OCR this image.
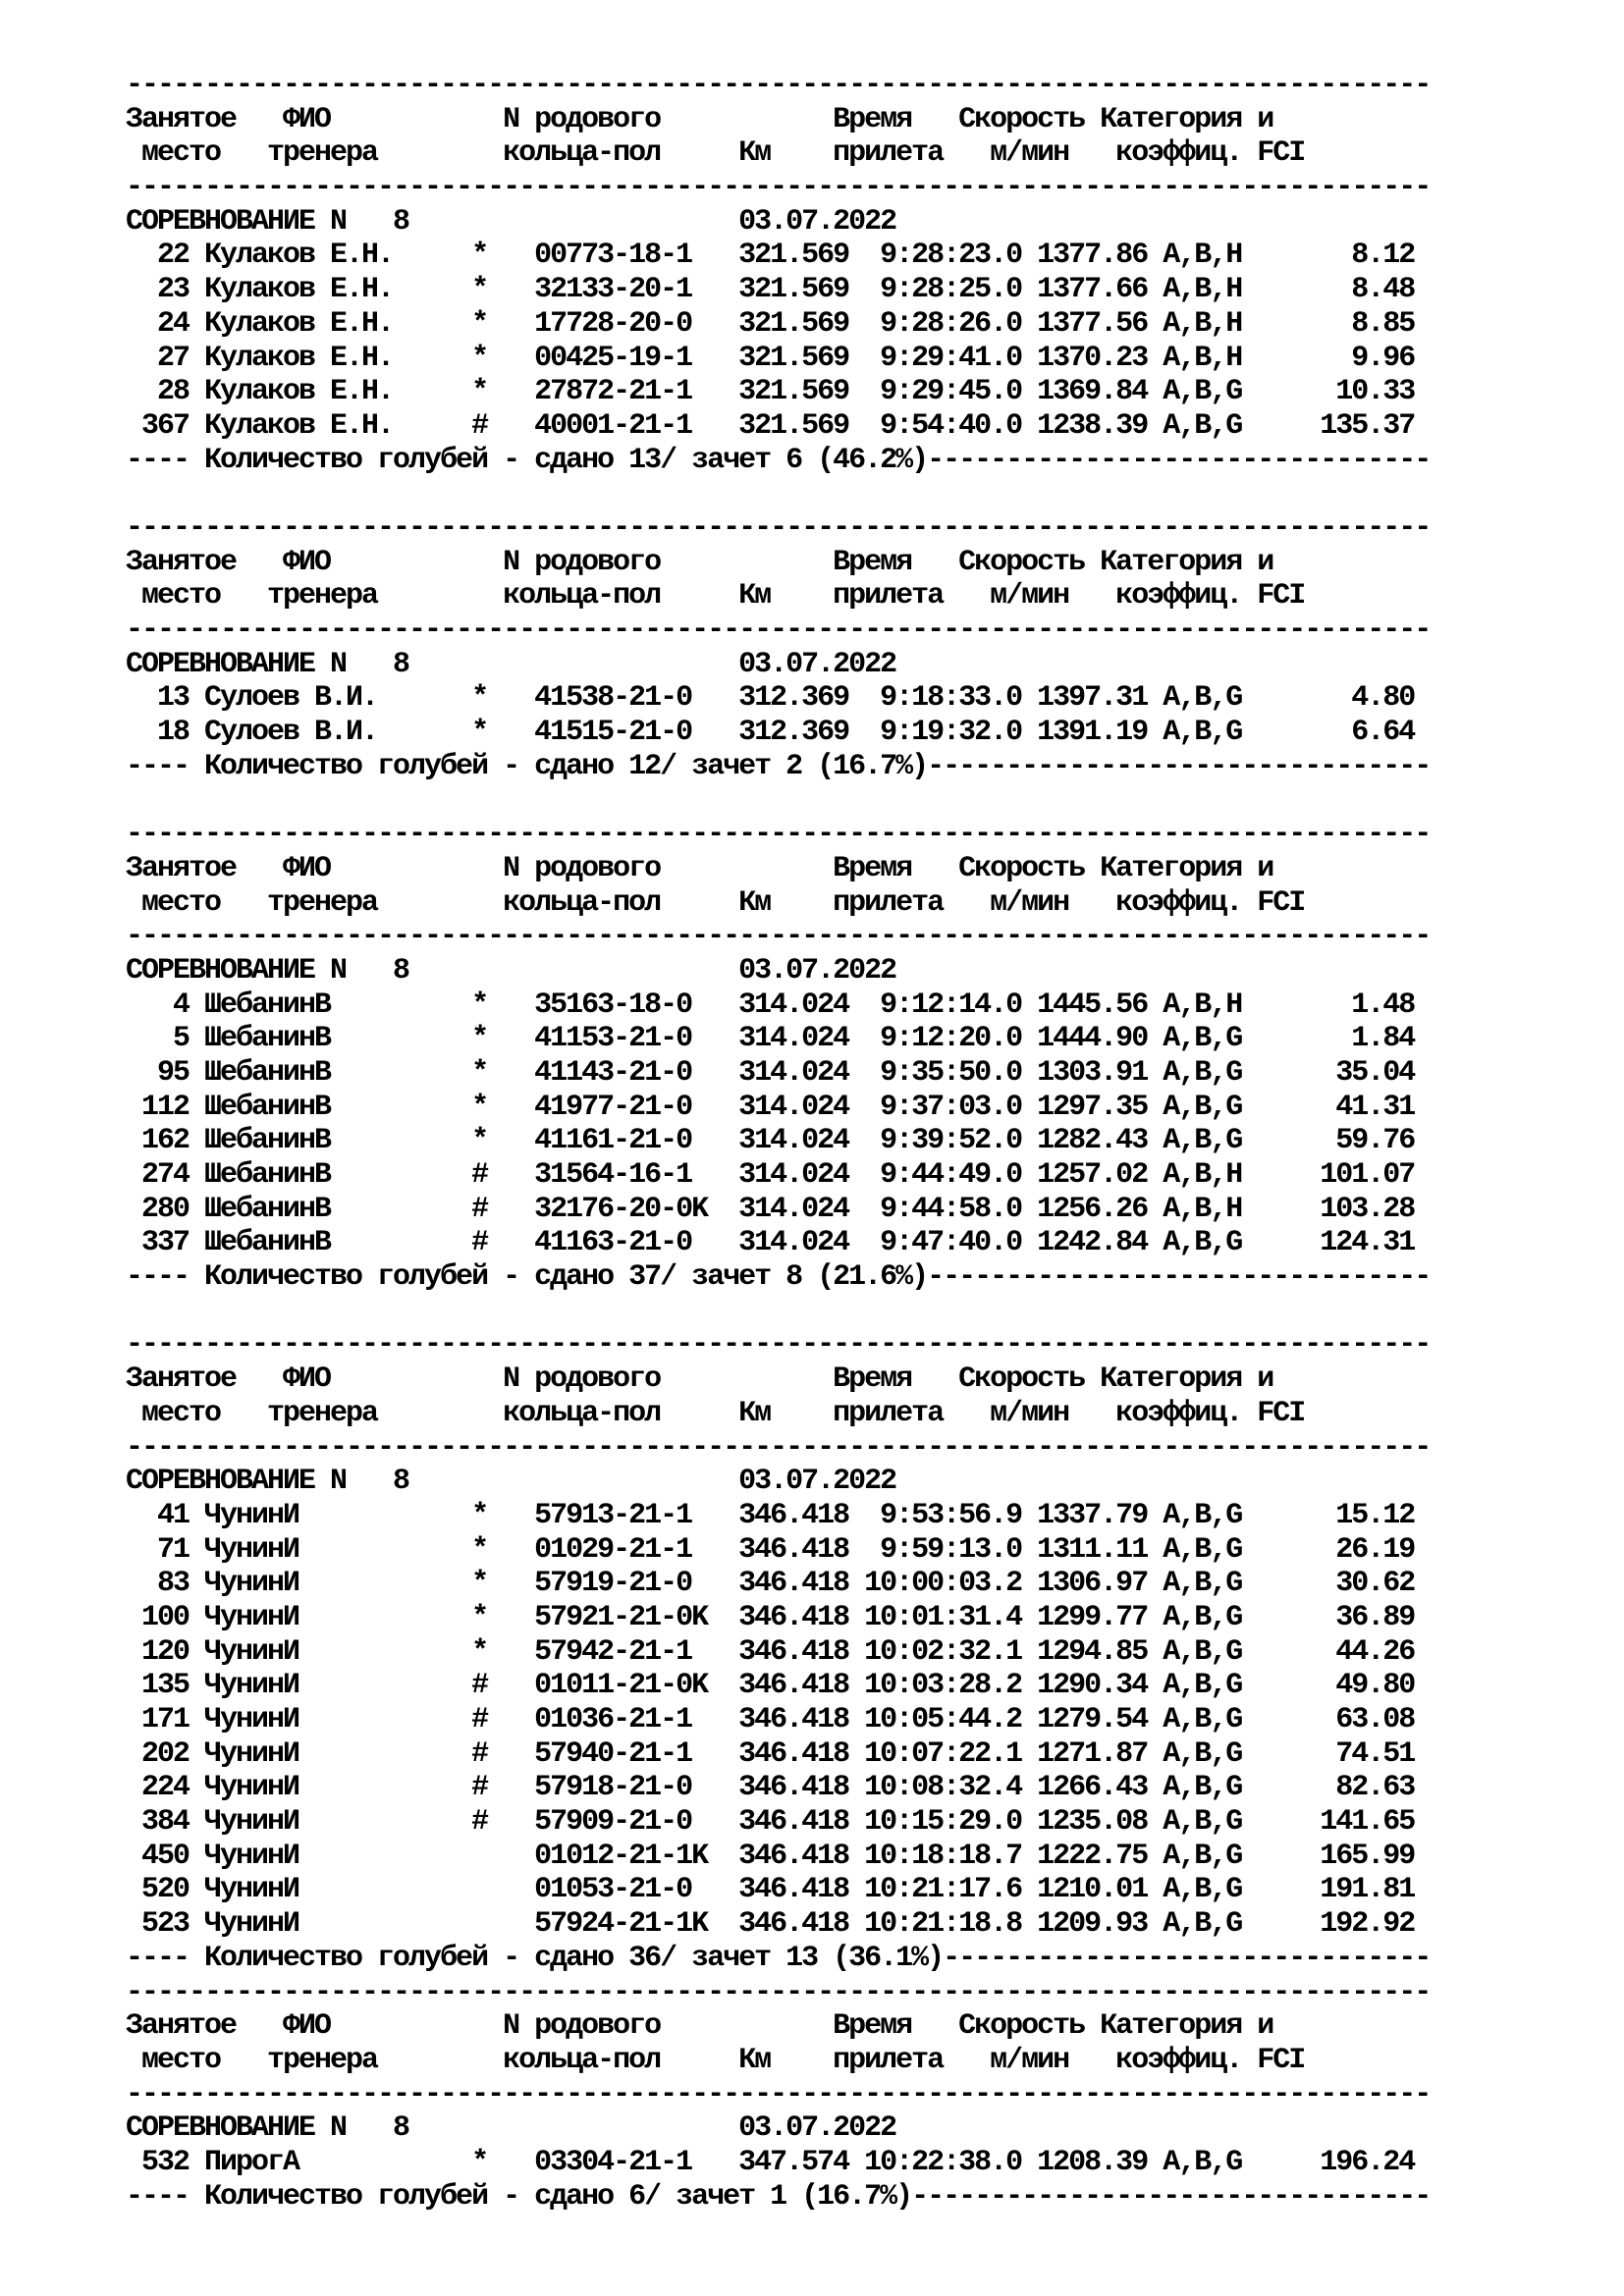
-----------------------------------------------------------------------------------
Занятое   ФИО           N родового           Время   Скорость Категория и
место   тренера        кольца-пол     Км    прилета   м/мин   коэффиц. FCI
-----------------------------------------------------------------------------------
СОРЕВНОВАНИЕ N   8                     03.07.2022
22 Кулаков Е.Н.     *   00773-18-1   321.569  9:28:23.0 1377.86 A,B,H       8.12
23 Кулаков Е.Н.     *   32133-20-1   321.569  9:28:25.0 1377.66 A,B,H       8.48
24 Кулаков Е.Н.     *   17728-20-0   321.569  9:28:26.0 1377.56 A,B,H       8.85
27 Кулаков Е.Н.     *   00425-19-1   321.569  9:29:41.0 1370.23 A,B,H       9.96
28 Кулаков Е.Н.     *   27872-21-1   321.569  9:29:45.0 1369.84 A,B,G      10.33
367 Кулаков Е.Н.     #   40001-21-1   321.569  9:54:40.0 1238.39 A,B,G     135.37
---- Количество голубей - сдано 13/ зачет 6 (46.2%)--------------------------------
-----------------------------------------------------------------------------------
Занятое   ФИО           N родового           Время   Скорость Категория и
место   тренера        кольца-пол     Км    прилета   м/мин   коэффиц. FCI
-----------------------------------------------------------------------------------
СОРЕВНОВАНИЕ N   8                     03.07.2022
13 Сулоев В.И.      *   41538-21-0   312.369  9:18:33.0 1397.31 A,B,G       4.80
18 Сулоев В.И.      *   41515-21-0   312.369  9:19:32.0 1391.19 A,B,G       6.64
---- Количество голубей - сдано 12/ зачет 2 (16.7%)--------------------------------
-----------------------------------------------------------------------------------
Занятое   ФИО           N родового           Время   Скорость Категория и
место   тренера        кольца-пол     Км    прилета   м/мин   коэффиц. FCI
-----------------------------------------------------------------------------------
СОРЕВНОВАНИЕ N   8                     03.07.2022
4 ШебанинВ         *   35163-18-0   314.024  9:12:14.0 1445.56 A,B,H       1.48
5 ШебанинВ         *   41153-21-0   314.024  9:12:20.0 1444.90 A,B,G       1.84
95 ШебанинВ         *   41143-21-0   314.024  9:35:50.0 1303.91 A,B,G      35.04
112 ШебанинВ         *   41977-21-0   314.024  9:37:03.0 1297.35 A,B,G      41.31
162 ШебанинВ         *   41161-21-0   314.024  9:39:52.0 1282.43 A,B,G      59.76
274 ШебанинВ         #   31564-16-1   314.024  9:44:49.0 1257.02 A,B,H     101.07
280 ШебанинВ         #   32176-20-0K  314.024  9:44:58.0 1256.26 A,B,H     103.28
337 ШебанинВ         #   41163-21-0   314.024  9:47:40.0 1242.84 A,B,G     124.31
---- Количество голубей - сдано 37/ зачет 8 (21.6%)--------------------------------
-----------------------------------------------------------------------------------
Занятое   ФИО           N родового           Время   Скорость Категория и
место   тренера        кольца-пол     Км    прилета   м/мин   коэффиц. FCI
-----------------------------------------------------------------------------------
СОРЕВНОВАНИЕ N   8                     03.07.2022
41 ЧунинИ           *   57913-21-1   346.418  9:53:56.9 1337.79 A,B,G      15.12
71 ЧунинИ           *   01029-21-1   346.418  9:59:13.0 1311.11 A,B,G      26.19
83 ЧунинИ           *   57919-21-0   346.418 10:00:03.2 1306.97 A,B,G      30.62
100 ЧунинИ           *   57921-21-0K  346.418 10:01:31.4 1299.77 A,B,G      36.89
120 ЧунинИ           *   57942-21-1   346.418 10:02:32.1 1294.85 A,B,G      44.26
135 ЧунинИ           #   01011-21-0K  346.418 10:03:28.2 1290.34 A,B,G      49.80
171 ЧунинИ           #   01036-21-1   346.418 10:05:44.2 1279.54 A,B,G      63.08
202 ЧунинИ           #   57940-21-1   346.418 10:07:22.1 1271.87 A,B,G      74.51
224 ЧунинИ           #   57918-21-0   346.418 10:08:32.4 1266.43 A,B,G      82.63
384 ЧунинИ           #   57909-21-0   346.418 10:15:29.0 1235.08 A,B,G     141.65
450 ЧунинИ               01012-21-1K  346.418 10:18:18.7 1222.75 A,B,G     165.99
520 ЧунинИ               01053-21-0   346.418 10:21:17.6 1210.01 A,B,G     191.81
523 ЧунинИ               57924-21-1K  346.418 10:21:18.8 1209.93 A,B,G     192.92
---- Количество голубей - сдано 36/ зачет 13 (36.1%)-------------------------------
-----------------------------------------------------------------------------------
Занятое   ФИО           N родового           Время   Скорость Категория и
место   тренера        кольца-пол     Км    прилета   м/мин   коэффиц. FCI
-----------------------------------------------------------------------------------
СОРЕВНОВАНИЕ N   8                     03.07.2022
532 ПирогА           *   03304-21-1   347.574 10:22:38.0 1208.39 A,B,G     196.24
---- Количество голубей - сдано 6/ зачет 1 (16.7%)---------------------------------
